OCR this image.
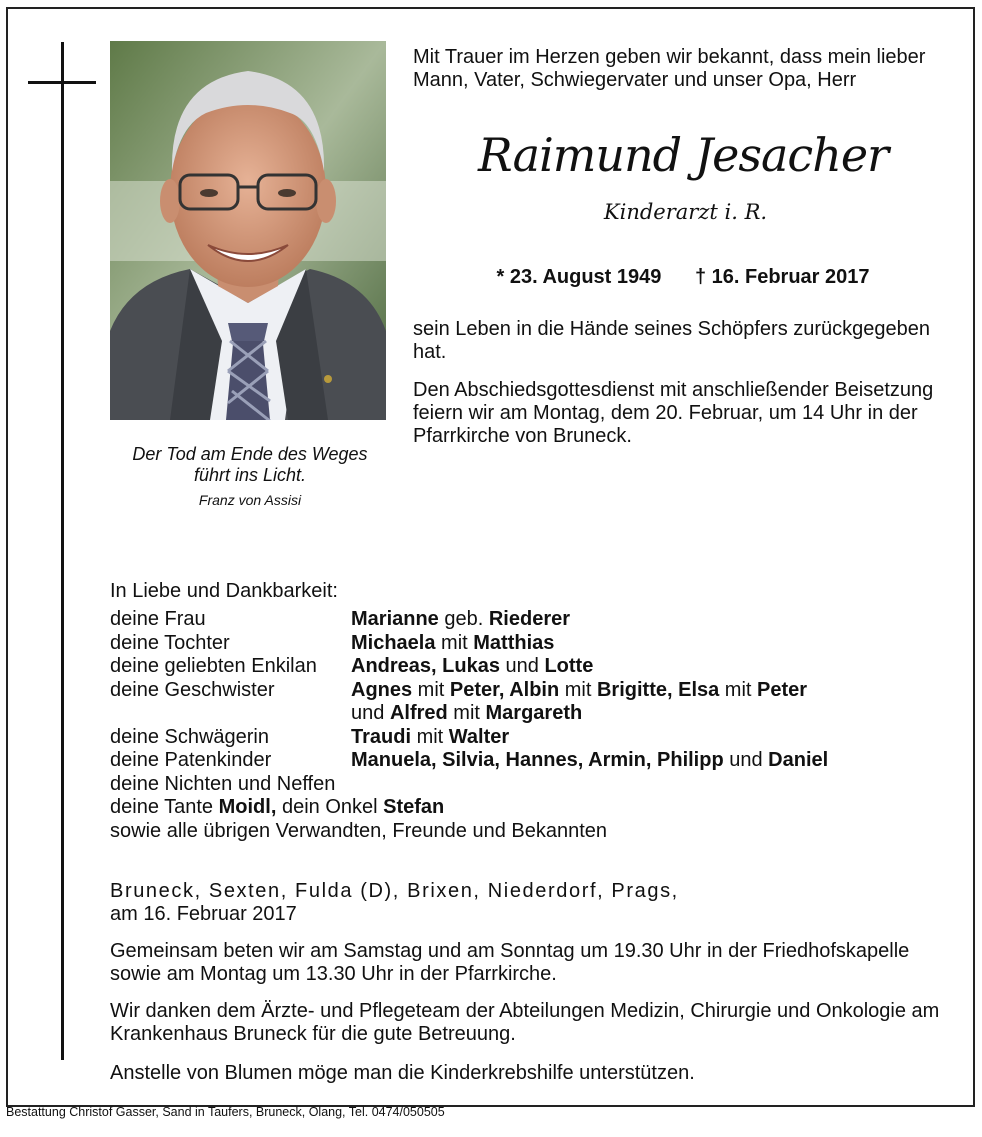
Der Tod am Ende des Weges
führt ins Licht.
Franz von Assisi
Mit Trauer im Herzen geben wir bekannt, dass mein lieber Mann, Vater, Schwiegervater und unser Opa, Herr
Raimund Jesacher
Kinderarzt i. R.
* 23. August 1949 † 16. Februar 2017
sein Leben in die Hände seines Schöpfers zurückgegeben hat.
Den Abschiedsgottesdienst mit anschließender Beisetzung feiern wir am Montag, dem 20. Februar, um 14 Uhr in der Pfarrkirche von Bruneck.
In Liebe und Dankbarkeit:
deine Frau	Marianne geb. Riederer
deine Tochter	Michaela mit Matthias
deine geliebten Enkilan	Andreas, Lukas und Lotte
deine Geschwister	Agnes mit Peter, Albin mit Brigitte, Elsa mit Peter
	und Alfred mit Margareth
deine Schwägerin	Traudi mit Walter
deine Patenkinder	Manuela, Silvia, Hannes, Armin, Philipp und Daniel
deine Nichten und Neffen	
deine Tante Moidl, dein Onkel Stefan	
sowie alle übrigen Verwandten, Freunde und Bekannten	
Bruneck, Sexten, Fulda (D), Brixen, Niederdorf, Prags,
am 16. Februar 2017
Gemeinsam beten wir am Samstag und am Sonntag um 19.30 Uhr in der Friedhofskapelle sowie am Montag um 13.30 Uhr in der Pfarrkirche.
Wir danken dem Ärzte- und Pflegeteam der Abteilungen Medizin, Chirurgie und Onkologie am Krankenhaus Bruneck für die gute Betreuung.
Anstelle von Blumen möge man die Kinderkrebshilfe unterstützen.
Bestattung Christof Gasser, Sand in Taufers, Bruneck, Olang, Tel. 0474/050505
